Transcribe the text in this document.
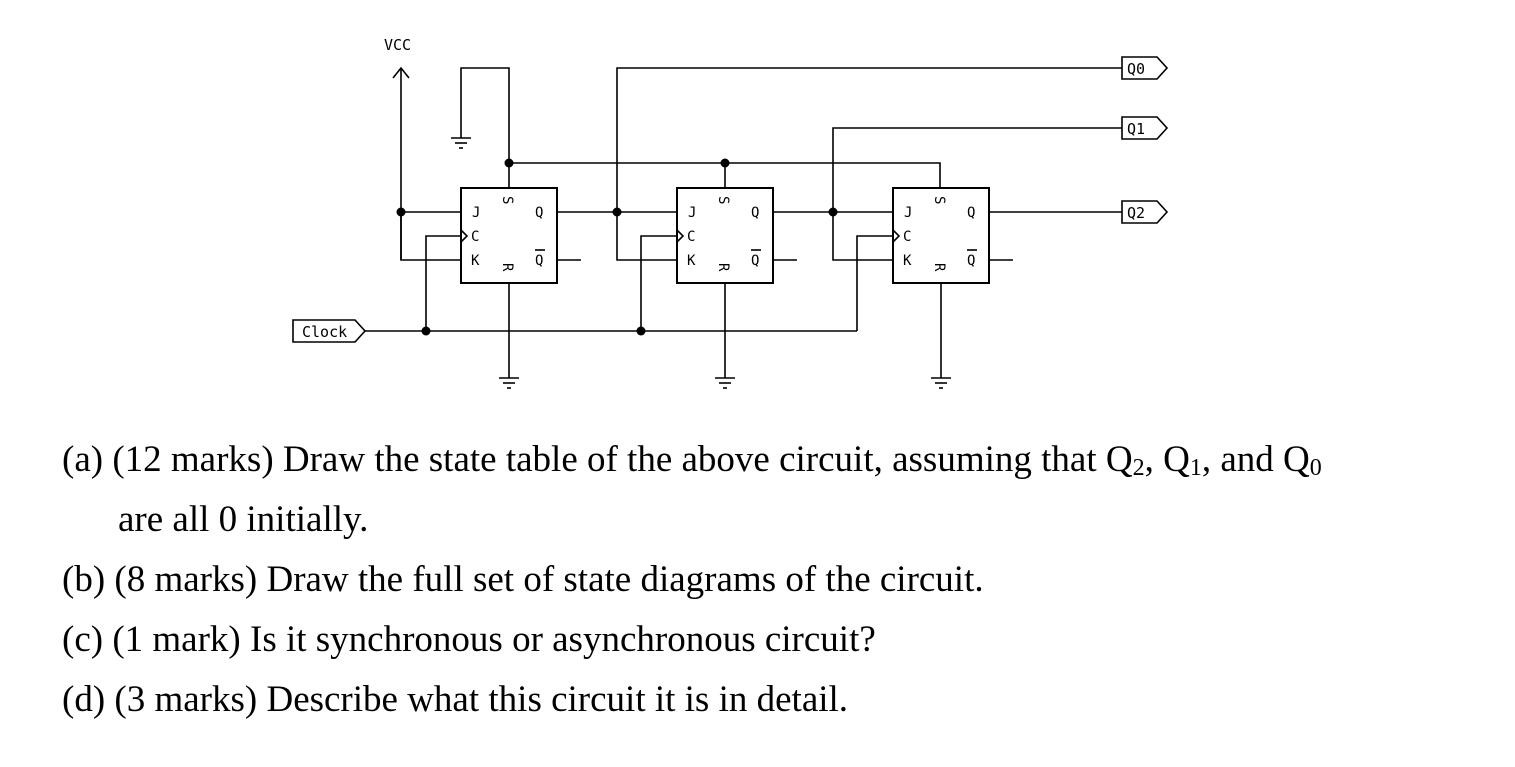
VCC
J
C
K
Q
Q
S
R
J
C
K
Q
Q
S
R
J
C
K
Q
Q
S
R
Clock
Q0
Q1
Q2
(a) (12 marks) Draw the state table of the above circuit, assuming that $Q_2$, $Q_1$, and $Q_0$
are all 0 initially.
(b) (8 marks) Draw the full set of state diagrams of the circuit.
(c) (1 mark) Is it synchronous or asynchronous circuit?
(d) (3 marks) Describe what this circuit it is in detail.
